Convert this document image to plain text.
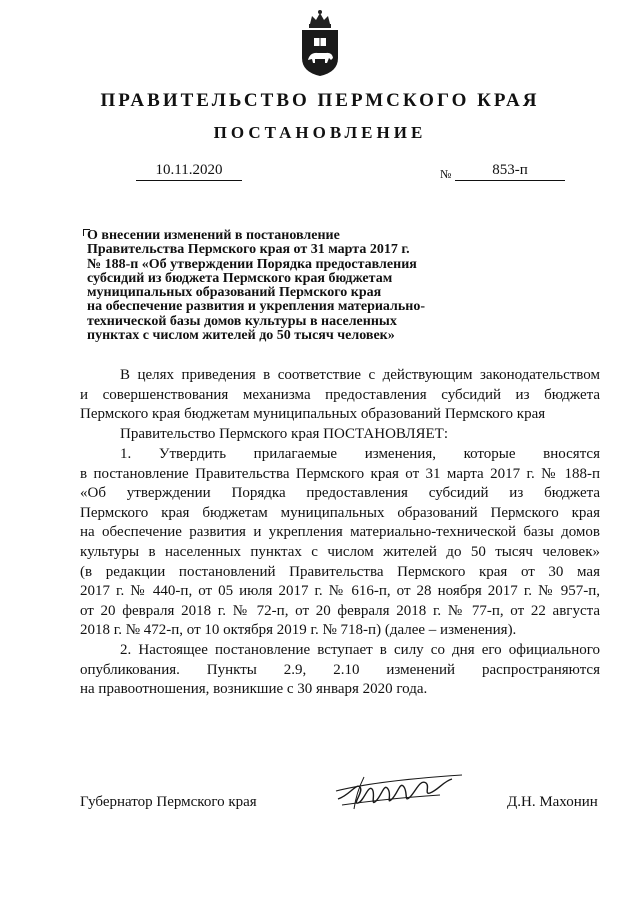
ПРАВИТЕЛЬСТВО ПЕРМСКОГО КРАЯ
ПОСТАНОВЛЕНИЕ
10.11.2020	№	853-п
О внесении изменений в постановление
Правительства Пермского края от 31 марта 2017 г.
№ 188-п «Об утверждении Порядка предоставления
субсидий из бюджета Пермского края бюджетам
муниципальных образований Пермского края
на обеспечение развития и укрепления материально-
технической базы домов культуры в населенных
пунктах с числом жителей до 50 тысяч человек»
В целях приведения в соответствие с действующим законодательством
и совершенствования механизма предоставления субсидий из бюджета
Пермского края бюджетам муниципальных образований Пермского края
Правительство Пермского края ПОСТАНОВЛЯЕТ:
1. Утвердить прилагаемые изменения, которые вносятся
в постановление Правительства Пермского края от 31 марта 2017 г. № 188-п
«Об утверждении Порядка предоставления субсидий из бюджета
Пермского края бюджетам муниципальных образований Пермского края
на обеспечение развития и укрепления материально-технической базы домов
культуры в населенных пунктах с числом жителей до 50 тысяч человек»
(в редакции постановлений Правительства Пермского края от 30 мая
2017 г. № 440-п, от 05 июля 2017 г. № 616-п, от 28 ноября 2017 г. № 957-п,
от 20 февраля 2018 г. № 72-п, от 20 февраля 2018 г. № 77-п, от 22 августа
2018 г. № 472-п, от 10 октября 2019 г. № 718-п) (далее – изменения).
2. Настоящее постановление вступает в силу со дня его официального
опубликования. Пункты 2.9, 2.10 изменений распространяются
на правоотношения, возникшие с 30 января 2020 года.
Губернатор Пермского края	Д.Н. Махонин
